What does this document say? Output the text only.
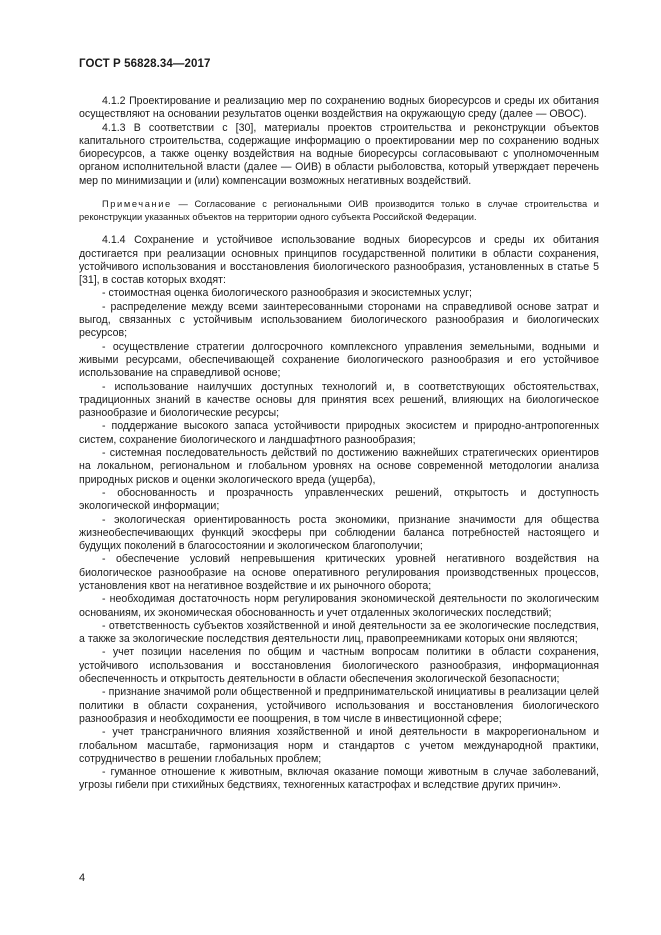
ГОСТ Р 56828.34—2017

4.1.2 Проектирование и реализацию мер по сохранению водных биоресурсов и среды их обитания осуществляют на основании результатов оценки воздействия на окружающую среду (далее — ОВОС).

4.1.3 В соответствии с [30], материалы проектов строительства и реконструкции объектов капитального строительства, содержащие информацию о проектировании мер по сохранению водных биоресурсов, а также оценку воздействия на водные биоресурсы согласовывают с уполномоченным органом исполнительной власти (далее — ОИВ) в области рыболовства, который утверждает перечень мер по минимизации и (или) компенсации возможных негативных воздействий.

Примечание — Согласование с региональными ОИВ производится только в случае строительства и реконструкции указанных объектов на территории одного субъекта Российской Федерации.

4.1.4 Сохранение и устойчивое использование водных биоресурсов и среды их обитания достигается при реализации основных принципов государственной политики в области сохранения, устойчивого использования и восстановления биологического разнообразия, установленных в статье 5 [31], в состав которых входят:

- стоимостная оценка биологического разнообразия и экосистемных услуг;

- распределение между всеми заинтересованными сторонами на справедливой основе затрат и выгод, связанных с устойчивым использованием биологического разнообразия и биологических ресурсов;

- осуществление стратегии долгосрочного комплексного управления земельными, водными и живыми ресурсами, обеспечивающей сохранение биологического разнообразия и его устойчивое использование на справедливой основе;

- использование наилучших доступных технологий и, в соответствующих обстоятельствах, традиционных знаний в качестве основы для принятия всех решений, влияющих на биологическое разнообразие и биологические ресурсы;

- поддержание высокого запаса устойчивости природных экосистем и природно-антропогенных систем, сохранение биологического и ландшафтного разнообразия;

- системная последовательность действий по достижению важнейших стратегических ориентиров на локальном, региональном и глобальном уровнях на основе современной методологии анализа природных рисков и оценки экологического вреда (ущерба),

- обоснованность и прозрачность управленческих решений, открытость и доступность экологической информации;

- экологическая ориентированность роста экономики, признание значимости для общества жизнеобеспечивающих функций экосферы при соблюдении баланса потребностей настоящего и будущих поколений в благосостоянии и экологическом благополучии;

- обеспечение условий непревышения критических уровней негативного воздействия на биологическое разнообразие на основе оперативного регулирования производственных процессов, установления квот на негативное воздействие и их рыночного оборота;

- необходимая достаточность норм регулирования экономической деятельности по экологическим основаниям, их экономическая обоснованность и учет отдаленных экологических последствий;

- ответственность субъектов хозяйственной и иной деятельности за ее экологические последствия, а также за экологические последствия деятельности лиц, правопреемниками которых они являются;

- учет позиции населения по общим и частным вопросам политики в области сохранения, устойчивого использования и восстановления биологического разнообразия, информационная обеспеченность и открытость деятельности в области обеспечения экологической безопасности;

- признание значимой роли общественной и предпринимательской инициативы в реализации целей политики в области сохранения, устойчивого использования и восстановления биологического разнообразия и необходимости ее поощрения, в том числе в инвестиционной сфере;

- учет трансграничного влияния хозяйственной и иной деятельности в макрорегиональном и глобальном масштабе, гармонизация норм и стандартов с учетом международной практики, сотрудничество в решении глобальных проблем;

- гуманное отношение к животным, включая оказание помощи животным в случае заболеваний, угрозы гибели при стихийных бедствиях, техногенных катастрофах и вследствие других причин».

4
